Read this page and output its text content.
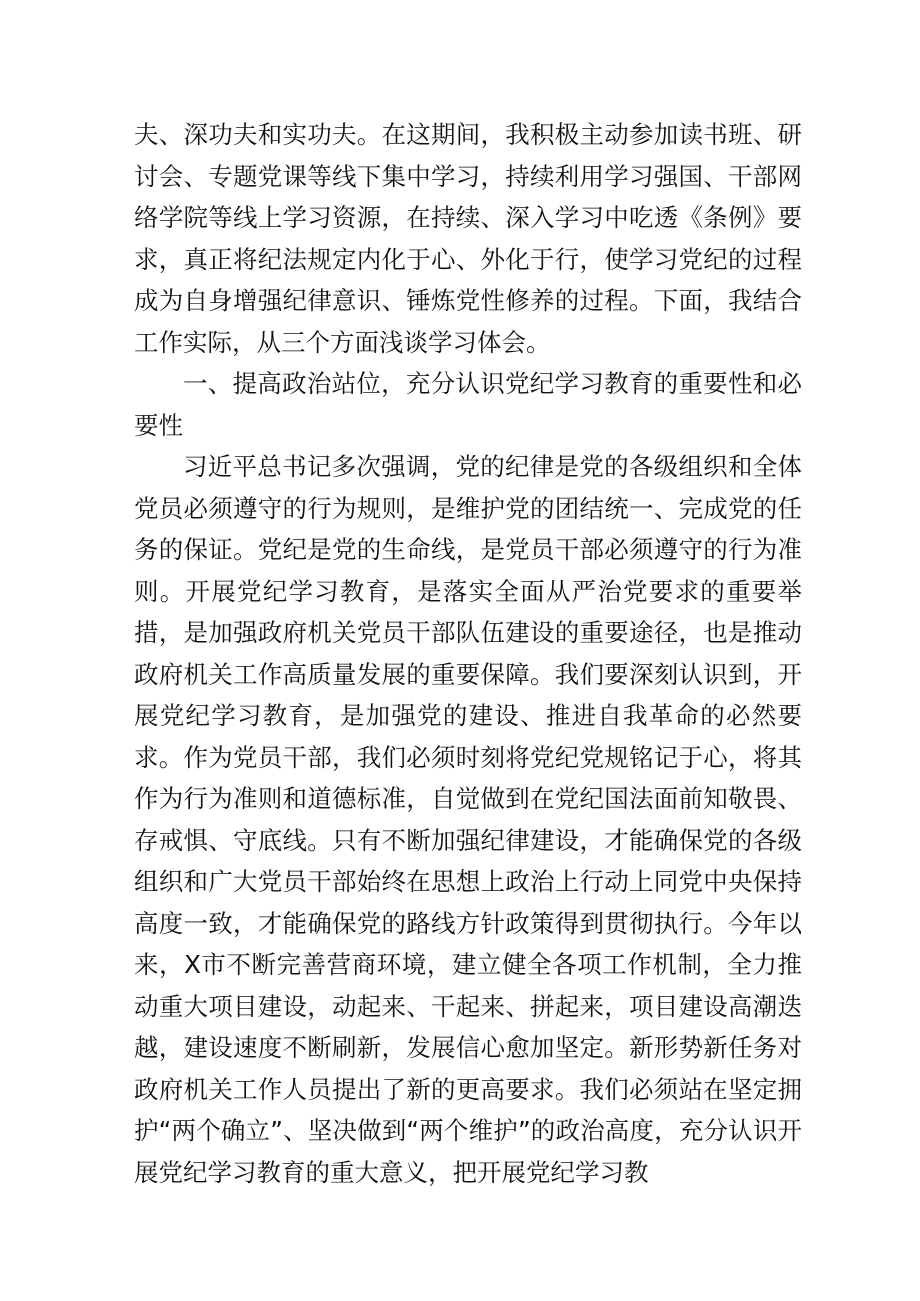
夫、深功夫和实功夫。在这期间，我积极主动参加读书班、研讨会、专题党课等线下集中学习，持续利用学习强国、干部网络学院等线上学习资源，在持续、深入学习中吃透《条例》要求，真正将纪法规定内化于心、外化于行，使学习党纪的过程成为自身增强纪律意识、锤炼党性修养的过程。下面，我结合工作实际，从三个方面浅谈学习体会。

一、提高政治站位，充分认识党纪学习教育的重要性和必要性

习近平总书记多次强调，党的纪律是党的各级组织和全体党员必须遵守的行为规则，是维护党的团结统一、完成党的任务的保证。党纪是党的生命线，是党员干部必须遵守的行为准则。开展党纪学习教育，是落实全面从严治党要求的重要举措，是加强政府机关党员干部队伍建设的重要途径，也是推动政府机关工作高质量发展的重要保障。我们要深刻认识到，开展党纪学习教育，是加强党的建设、推进自我革命的必然要求。作为党员干部，我们必须时刻将党纪党规铭记于心，将其作为行为准则和道德标准，自觉做到在党纪国法面前知敬畏、存戒惧、守底线。只有不断加强纪律建设，才能确保党的各级组织和广大党员干部始终在思想上政治上行动上同党中央保持高度一致，才能确保党的路线方针政策得到贯彻执行。今年以来，X市不断完善营商环境，建立健全各项工作机制，全力推动重大项目建设，动起来、干起来、拼起来，项目建设高潮迭越，建设速度不断刷新，发展信心愈加坚定。新形势新任务对政府机关工作人员提出了新的更高要求。我们必须站在坚定拥护“两个确立”、坚决做到“两个维护”的政治高度，充分认识开展党纪学习教育的重大意义，把开展党纪学习教
